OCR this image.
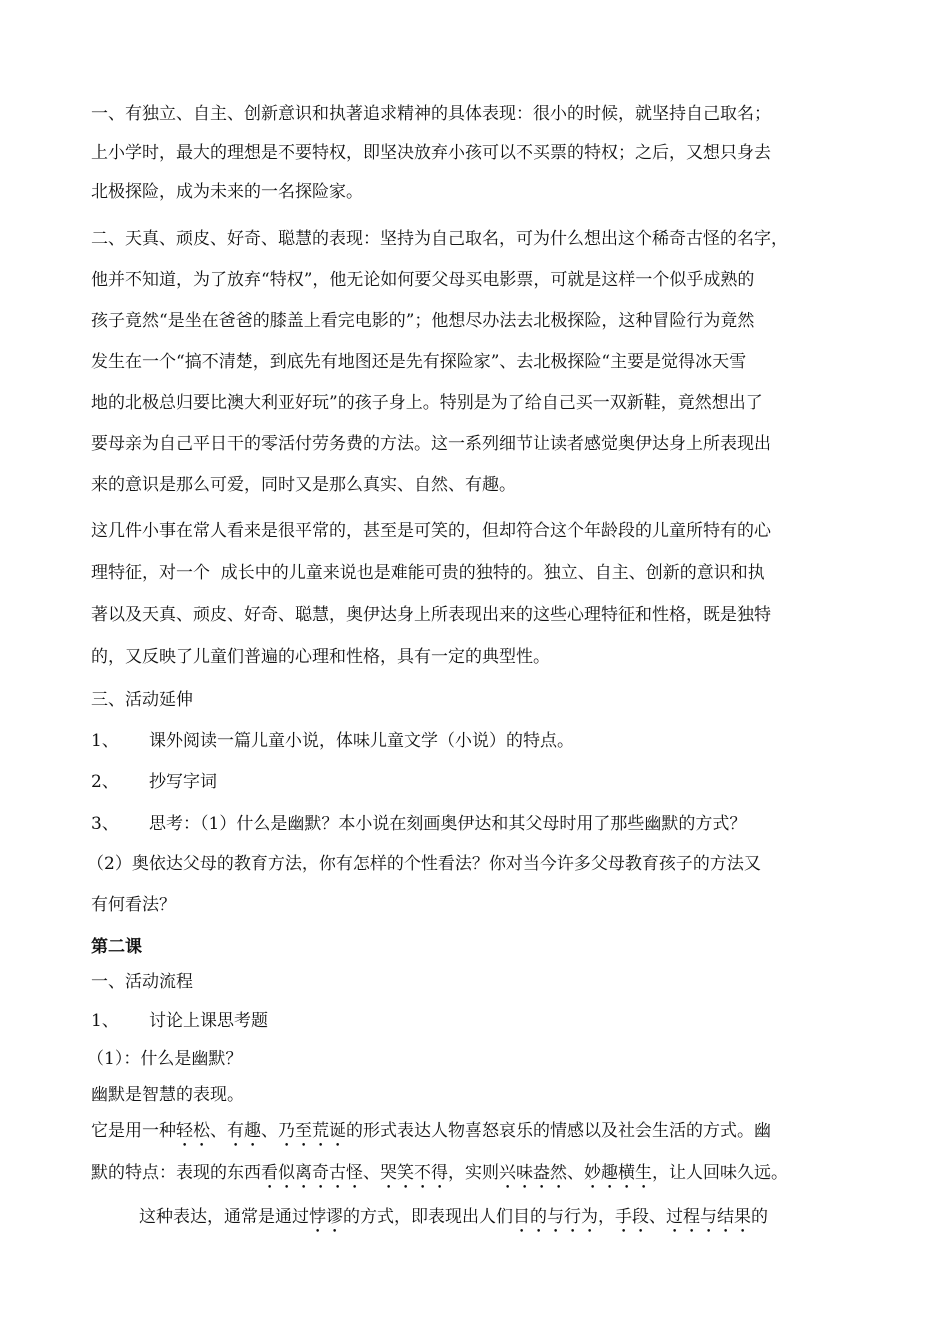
一、有独立、自主、创新意识和执著追求精神的具体表现：很小的时候，就坚持自己取名；
上小学时，最大的理想是不要特权，即坚决放弃小孩可以不买票的特权；之后，又想只身去
北极探险，成为未来的一名探险家。

二、天真、顽皮、好奇、聪慧的表现：坚持为自己取名，可为什么想出这个稀奇古怪的名字，
他并不知道，为了放弃“特权”，他无论如何要父母买电影票，可就是这样一个似乎成熟的
孩子竟然“是坐在爸爸的膝盖上看完电影的”；他想尽办法去北极探险，这种冒险行为竟然
发生在一个“搞不清楚，到底先有地图还是先有探险家”、去北极探险“主要是觉得冰天雪
地的北极总归要比澳大利亚好玩”的孩子身上。特别是为了给自己买一双新鞋，竟然想出了
要母亲为自己平日干的零活付劳务费的方法。这一系列细节让读者感觉奥伊达身上所表现出
来的意识是那么可爱，同时又是那么真实、自然、有趣。

这几件小事在常人看来是很平常的，甚至是可笑的，但却符合这个年龄段的儿童所特有的心
理特征，对一个  成长中的儿童来说也是难能可贵的独特的。独立、自主、创新的意识和执
著以及天真、顽皮、好奇、聪慧，奥伊达身上所表现出来的这些心理特征和性格，既是独特
的，又反映了儿童们普遍的心理和性格，具有一定的典型性。

三、活动延伸

1、 课外阅读一篇儿童小说，体味儿童文学（小说）的特点。

2、 抄写字词

3、 思考：（1）什么是幽默？本小说在刻画奥伊达和其父母时用了那些幽默的方式？

（2）奥依达父母的教育方法，你有怎样的个性看法？你对当今许多父母教育孩子的方法又
有何看法？

第二课

一、活动流程

1、 讨论上课思考题

（1）：什么是幽默？

幽默是智慧的表现。

它是用一种轻松、有趣、乃至荒诞的形式表达人物喜怒哀乐的情感以及社会生活的方式。幽
默的特点：表现的东西看似离奇古怪、哭笑不得，实则兴味盎然、妙趣横生，让人回味久远。

这种表达，通常是通过悖谬的方式，即表现出人们目的与行为，手段、过程与结果的
